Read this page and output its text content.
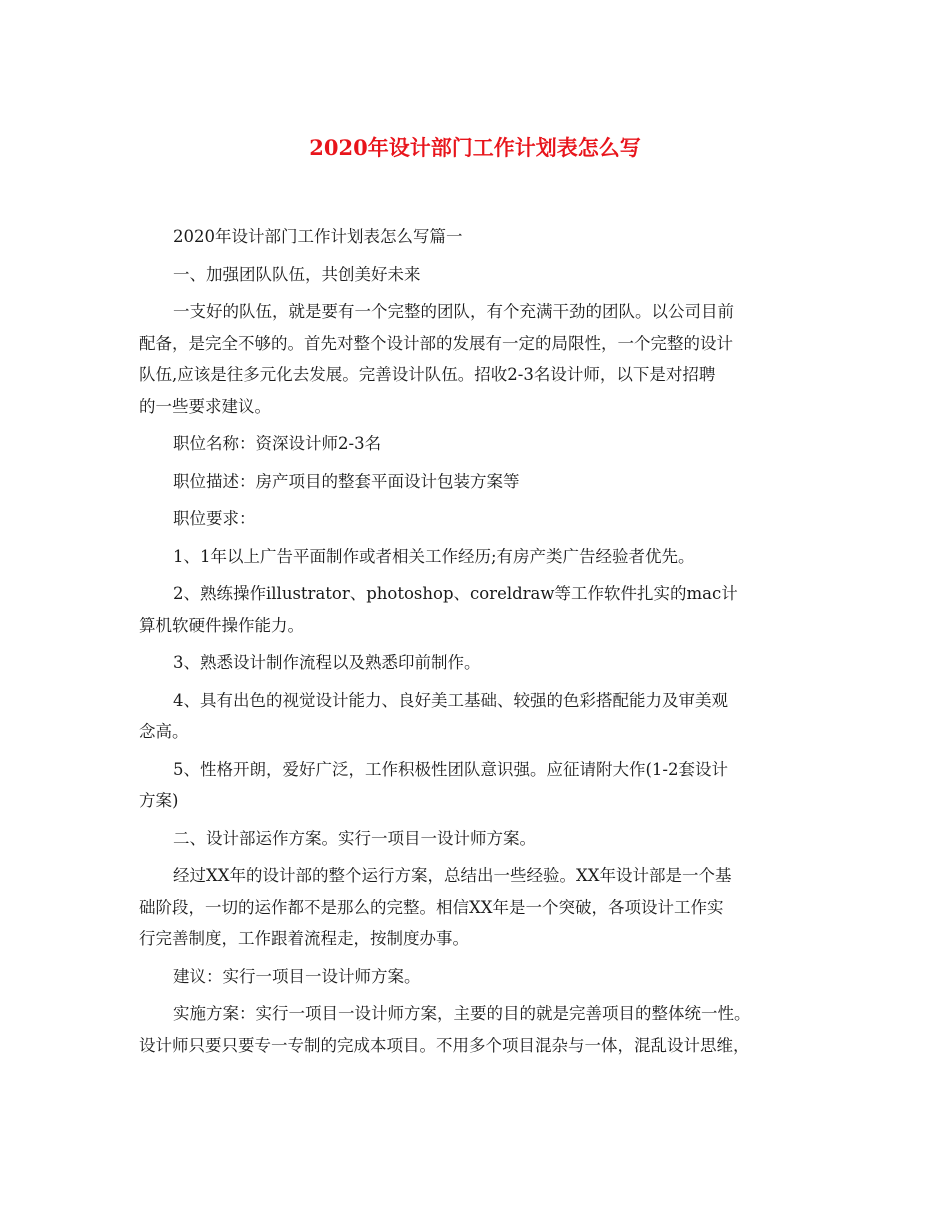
2020年设计部门工作计划表怎么写
2020年设计部门工作计划表怎么写篇一
一、加强团队队伍，共创美好未来
一支好的队伍，就是要有一个完整的团队，有个充满干劲的团队。以公司目前
配备，是完全不够的。首先对整个设计部的发展有一定的局限性，一个完整的设计
队伍,应该是往多元化去发展。完善设计队伍。招收2-3名设计师，以下是对招聘
的一些要求建议。
职位名称：资深设计师2-3名
职位描述：房产项目的整套平面设计包装方案等
职位要求：
1、1年以上广告平面制作或者相关工作经历;有房产类广告经验者优先。
2、熟练操作illustrator、photoshop、coreldraw等工作软件扎实的mac计
算机软硬件操作能力。
3、熟悉设计制作流程以及熟悉印前制作。
4、具有出色的视觉设计能力、良好美工基础、较强的色彩搭配能力及审美观
念高。
5、性格开朗，爱好广泛，工作积极性团队意识强。应征请附大作(1-2套设计
方案)
二、设计部运作方案。实行一项目一设计师方案。
经过XX年的设计部的整个运行方案，总结出一些经验。XX年设计部是一个基
础阶段，一切的运作都不是那么的完整。相信XX年是一个突破，各项设计工作实
行完善制度，工作跟着流程走，按制度办事。
建议：实行一项目一设计师方案。
实施方案：实行一项目一设计师方案，主要的目的就是完善项目的整体统一性。
设计师只要只要专一专制的完成本项目。不用多个项目混杂与一体，混乱设计思维，
